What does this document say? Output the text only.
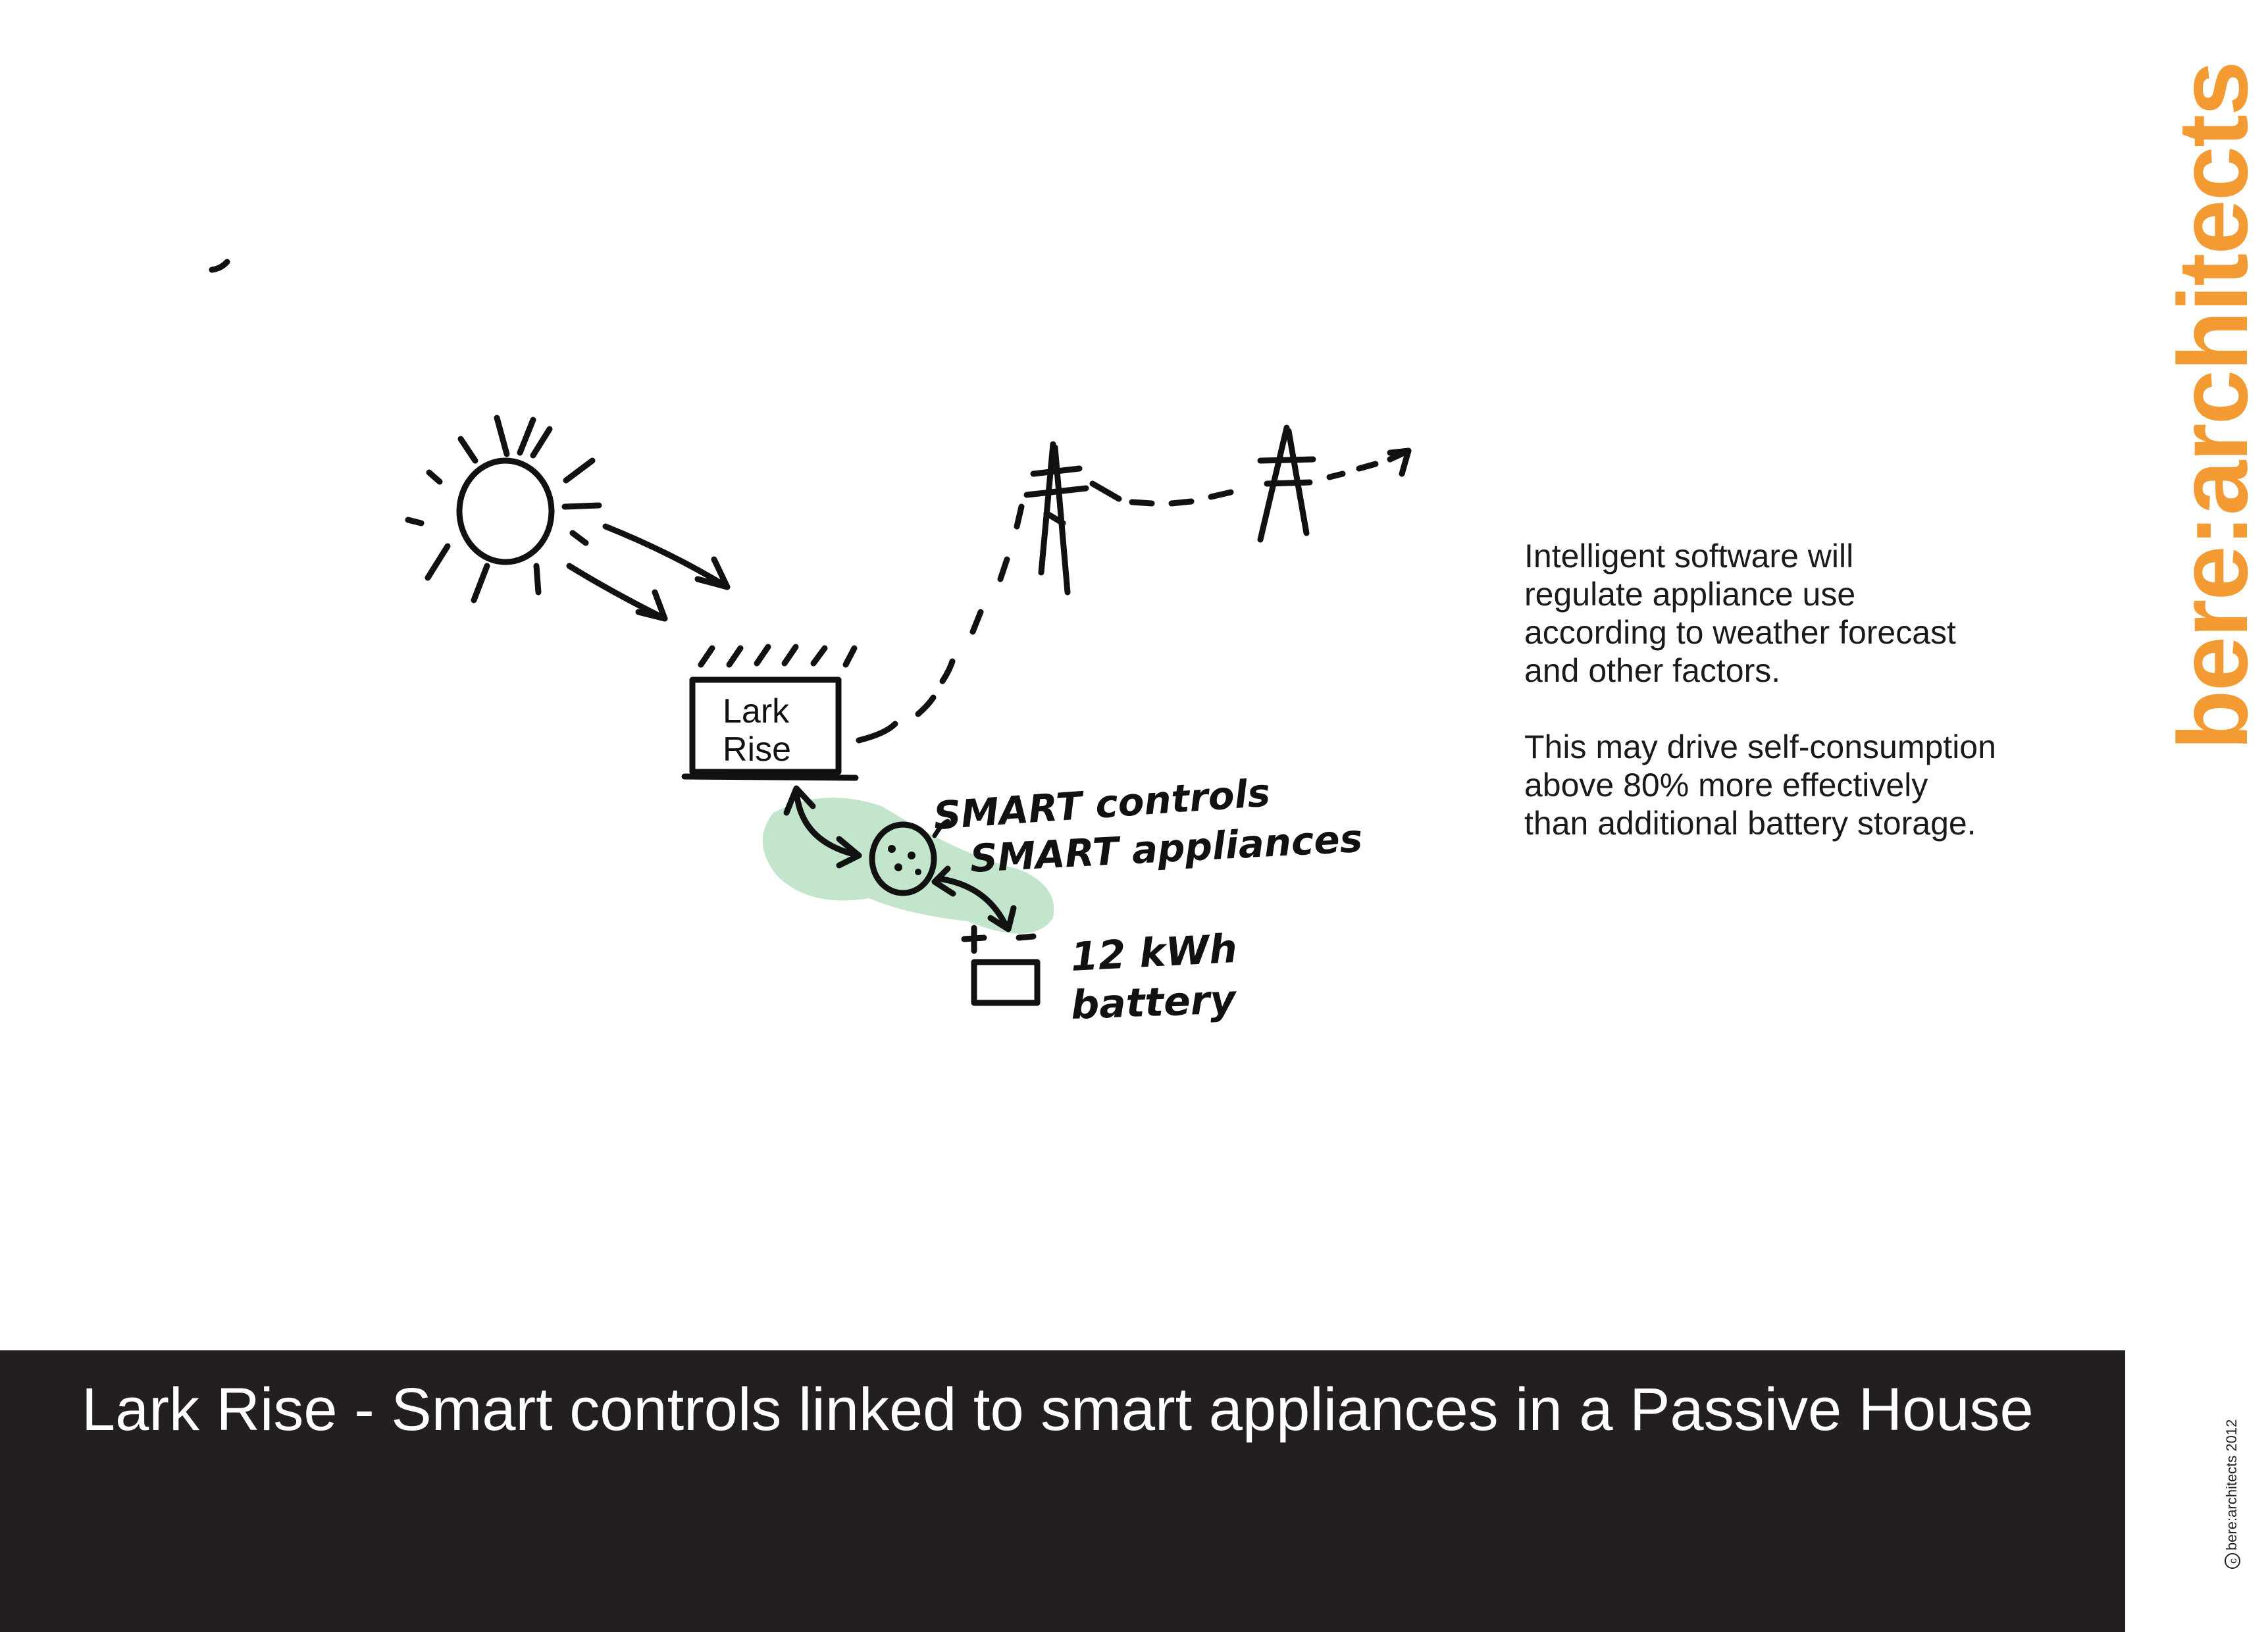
SMART controls
SMART appliances
12 kWh
battery
Lark
Rise
Intelligent software will
regulate appliance use
according to weather forecast
and other factors.
This may drive self-consumption
above 80% more effectively
than additional battery storage.
bere:architects
Lark Rise - Smart controls linked to smart appliances in a Passive House
cbere:architects 2012
